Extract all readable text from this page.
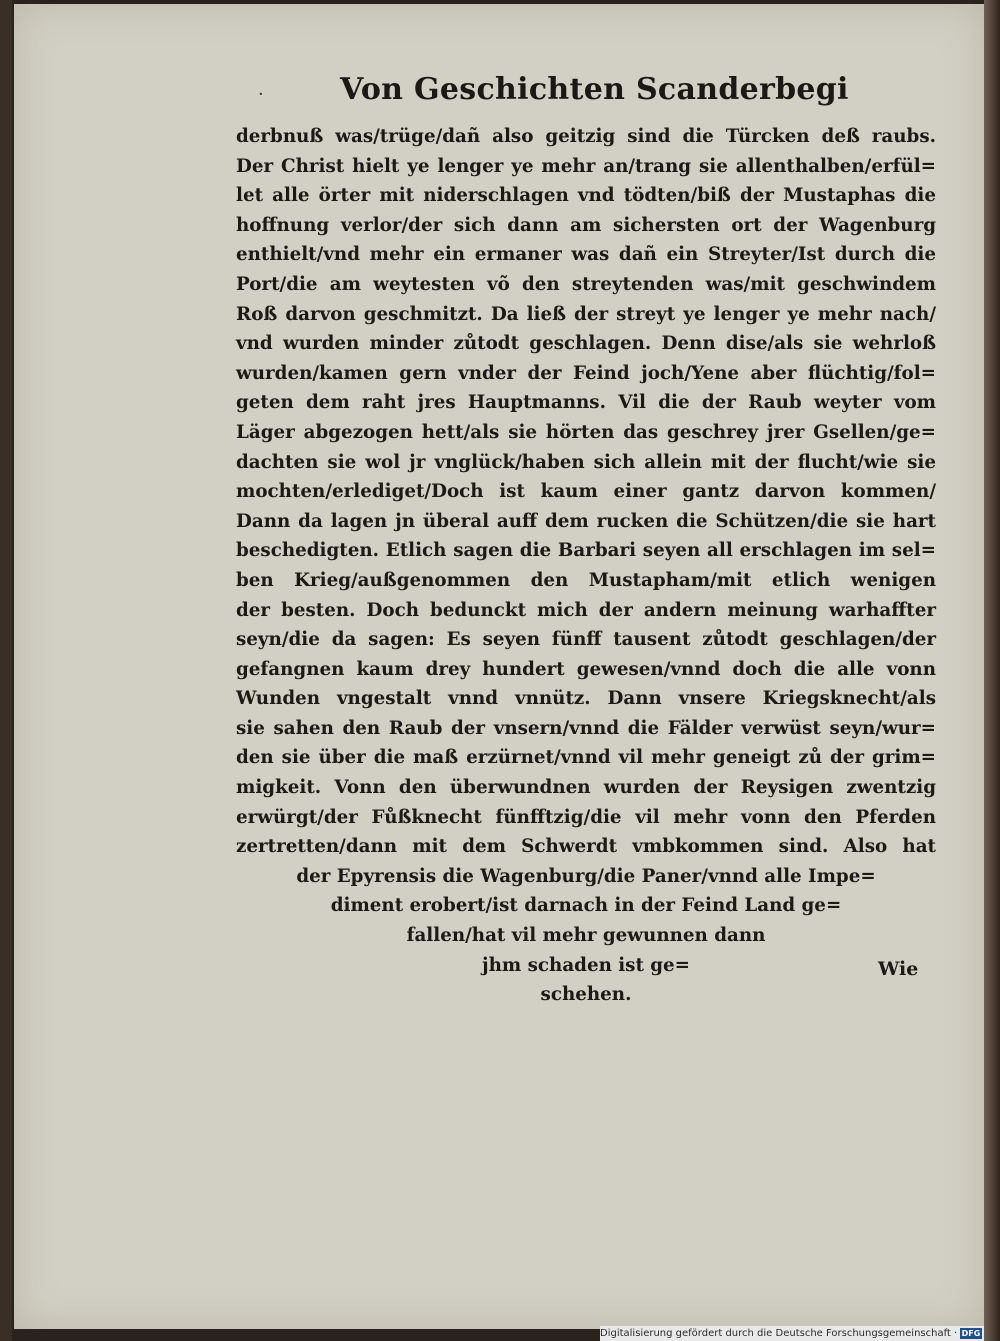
·	Von Geschichten Scanderbegi
derbnuß was/trüge/dañ also geitzig sind die Türcken deß raubs.
Der Christ hielt ye lenger ye mehr an/trang sie allenthalben/erfül=
let alle örter mit niderschlagen vnd tödten/biß der Mustaphas die
hoffnung verlor/der sich dann am sichersten ort der Wagenburg
enthielt/vnd mehr ein ermaner was dañ ein Streyter/Ist durch die
Port/die am weytesten võ den streytenden was/mit geschwindem
Roß darvon geschmitzt. Da ließ der streyt ye lenger ye mehr nach/
vnd wurden minder zůtodt geschlagen. Denn dise/als sie wehrloß
wurden/kamen gern vnder der Feind joch/Yene aber flüchtig/fol=
geten dem raht jres Hauptmanns. Vil die der Raub weyter vom
Läger abgezogen hett/als sie hörten das geschrey jrer Gsellen/ge=
dachten sie wol jr vnglück/haben sich allein mit der flucht/wie sie
mochten/erlediget/Doch ist kaum einer gantz darvon kommen/
Dann da lagen jn überal auff dem rucken die Schützen/die sie hart
beschedigten. Etlich sagen die Barbari seyen all erschlagen im sel=
ben Krieg/außgenommen den Mustapham/mit etlich wenigen
der besten. Doch bedunckt mich der andern meinung warhaffter
seyn/die da sagen: Es seyen fünff tausent zůtodt geschlagen/der
gefangnen kaum drey hundert gewesen/vnnd doch die alle vonn
Wunden vngestalt vnnd vnnütz. Dann vnsere Kriegsknecht/als
sie sahen den Raub der vnsern/vnnd die Fälder verwüst seyn/wur=
den sie über die maß erzürnet/vnnd vil mehr geneigt zů der grim=
migkeit. Vonn den überwundnen wurden der Reysigen zwentzig
erwürgt/der Fůßknecht fünfftzig/die vil mehr vonn den Pferden
zertretten/dann mit dem Schwerdt vmbkommen sind. Also hat
der Epyrensis die Wagenburg/die Paner/vnnd alle Impe=
diment erobert/ist darnach in der Feind Land ge=
fallen/hat vil mehr gewunnen dann
jhm schaden ist ge=
schehen.
Wie
Digitalisierung gefördert durch die Deutsche Forschungsgemeinschaft · DFG
